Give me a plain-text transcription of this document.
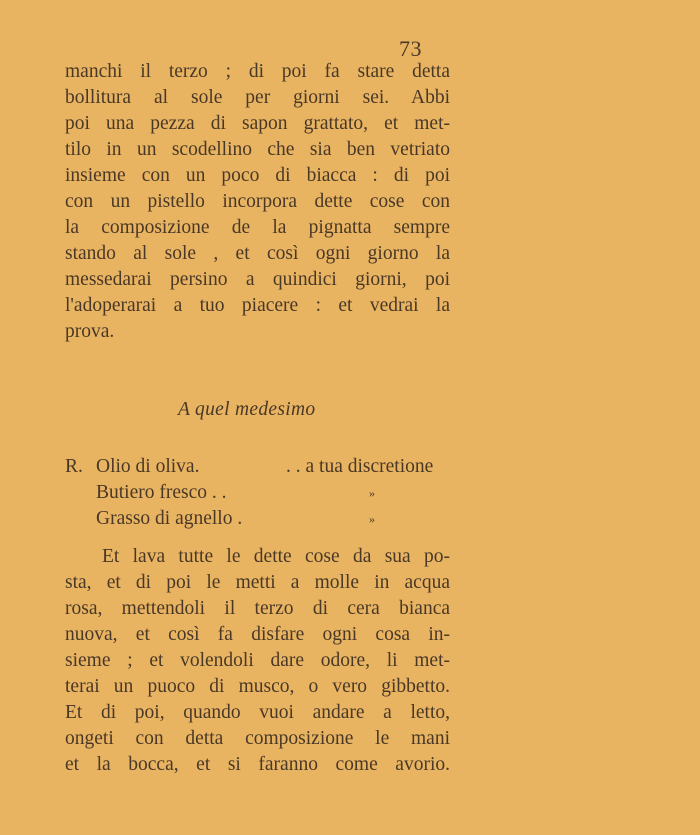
73
manchi il terzo ; di poi fa stare detta
bollitura al sole per giorni sei. Abbi
poi una pezza di sapon grattato, et met-
tilo in un scodellino che sia ben vetriato
insieme con un poco di biacca : di poi
con un pistello incorpora dette cose con
la composizione de la pignatta sempre
stando al sole , et così ogni giorno la
messedarai persino a quindici giorni, poi
l'adoperarai a tuo piacere : et vedrai la
prova.
A quel medesimo
R. Olio di oliva.	. . a tua discretione
Butiero fresco . .	»
Grasso di agnello .	»
Et lava tutte le dette cose da sua po-
sta, et di poi le metti a molle in acqua
rosa, mettendoli il terzo di cera bianca
nuova, et così fa disfare ogni cosa in-
sieme ; et volendoli dare odore, li met-
terai un puoco di musco, o vero gibbetto.
Et di poi, quando vuoi andare a letto,
ongeti con detta composizione le mani
et la bocca, et si faranno come avorio.
